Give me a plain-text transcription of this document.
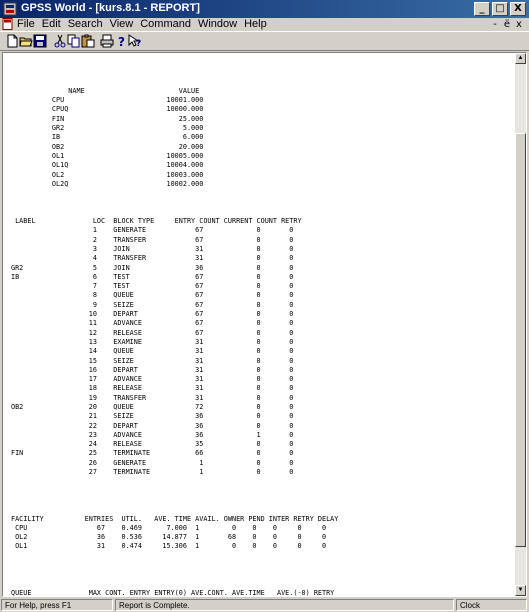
GPSS World - [kurs.8.1 - REPORT]	_ □ X
File Edit Search View Command Window Help	- ё x
? ?
NAME                       VALUE
CPU                         10001.000
CPUQ                        10000.000
FIN                            25.000
GR2                             5.000
IB                              6.000
OB2                            20.000
OL1                         10005.000
OL1Q                        10004.000
OL2                         10003.000
OL2Q                        10002.000
LABEL              LOC  BLOCK TYPE     ENTRY COUNT CURRENT COUNT RETRY
1    GENERATE            67             0       0
2    TRANSFER            67             0       0
3    JOIN                31             0       0
4    TRANSFER            31             0       0
GR2                 5    JOIN                36             0       0
IB                  6    TEST                67             0       0
7    TEST                67             0       0
8    QUEUE               67             0       0
9    SEIZE               67             0       0
10    DEPART              67             0       0
11    ADVANCE             67             0       0
12    RELEASE             67             0       0
13    EXAMINE             31             0       0
14    QUEUE               31             0       0
15    SEIZE               31             0       0
16    DEPART              31             0       0
17    ADVANCE             31             0       0
18    RELEASE             31             0       0
19    TRANSFER            31             0       0
OB2                20    QUEUE               72             0       0
21    SEIZE               36             0       0
22    DEPART              36             0       0
23    ADVANCE             36             1       0
24    RELEASE             35             0       0
FIN                25    TERMINATE           66             0       0
26    GENERATE             1             0       0
27    TERMINATE            1             0       0
FACILITY          ENTRIES  UTIL.   AVE. TIME AVAIL. OWNER PEND INTER RETRY DELAY
CPU                 67    0.469      7.000  1        0    0    0     0     0
OL2                 36    0.536     14.877  1       68    0    0     0     0
OL1                 31    0.474     15.306  1        0    0    0     0     0
QUEUE              MAX CONT. ENTRY ENTRY(0) AVE.CONT. AVE.TIME   AVE.(-0) RETRY
▲
▼
For Help, press F1	Report is Complete.	Clock
